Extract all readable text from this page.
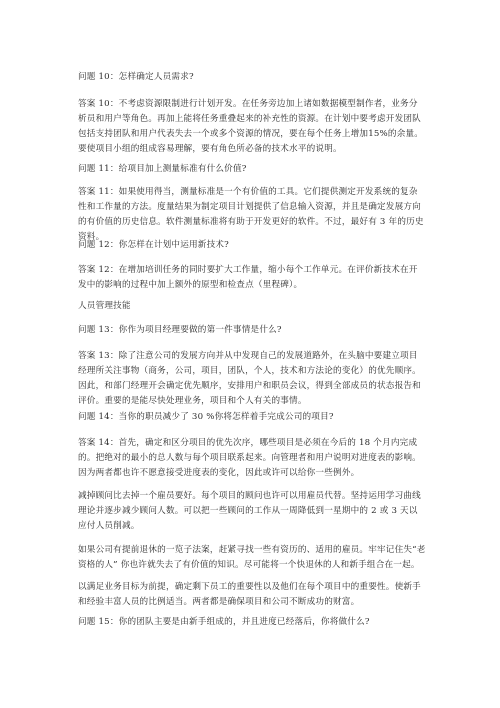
问题 10：怎样确定人员需求?
答案 10：不考虑资源限制进行计划开发。在任务旁边加上诸如数据模型制作者，业务分析员和用户等角色。再加上能将任务重叠起来的补充性的资源。在计划中要考虑开发团队包括支持团队和用户代表失去一个或多个资源的情况，要在每个任务上增加15%的余量。要使项目小组的组成容易理解，要有角色所必备的技术水平的说明。
问题 11：给项目加上测量标准有什么价值?
答案 11：如果使用得当，测量标准是一个有价值的工具。它们提供测定开发系统的复杂性和工作量的方法。度量结果为制定项目计划提供了信息输入资源，并且是确定发展方向的有价值的历史信息。软件测量标准将有助于开发更好的软件。不过，最好有 3 年的历史资料。
问题 12：你怎样在计划中运用新技术?
答案 12：在增加培训任务的同时要扩大工作量，缩小每个工作单元。在评价新技术在开发中的影响的过程中加上额外的原型和检查点（里程碑）。
人员管理技能
问题 13：你作为项目经理要做的第一件事情是什么?
答案 13：除了注意公司的发展方向并从中发现自己的发展道路外，在头脑中要建立项目经理所关注事物（商务，公司，项目，团队，个人，技术和方法论的变化）的优先顺序。因此，和部门经理开会确定优先顺序，安排用户和职员会议，得到全部成员的状态报告和评价。重要的是能尽快处理业务，项目和个人有关的事情。
问题 14：当你的职员减少了 30 %你将怎样着手完成公司的项目?
答案 14：首先，确定和区分项目的优先次序，哪些项目是必须在今后的 18 个月内完成的。把绝对的最小的总人数与每个项目联系起来。向管理者和用户说明对进度表的影响。因为两者都也许不愿意接受进度表的变化，因此或许可以给你一些例外。
减掉顾问比去掉一个雇员要好。每个项目的顾问也许可以用雇员代替。坚持运用学习曲线理论并逐步减少顾问人数。可以把一些顾问的工作从一周降低到一星期中的 2 或 3 天以应付人员削减。
如果公司有提前退休的一览子法案，赶紧寻找一些有资历的、适用的雇员。牢牢记住失“老资格的人” 你也许就失去了有价值的知识。尽可能将一个快退休的人和新手组合在一起。
以满足业务目标为前提，确定剩下员工的重要性以及他们在每个项目中的重要性。使新手和经验丰富人员的比例适当。两者都是确保项目和公司不断成功的财富。
问题 15：你的团队主要是由新手组成的，并且进度已经落后，你将做什么?
